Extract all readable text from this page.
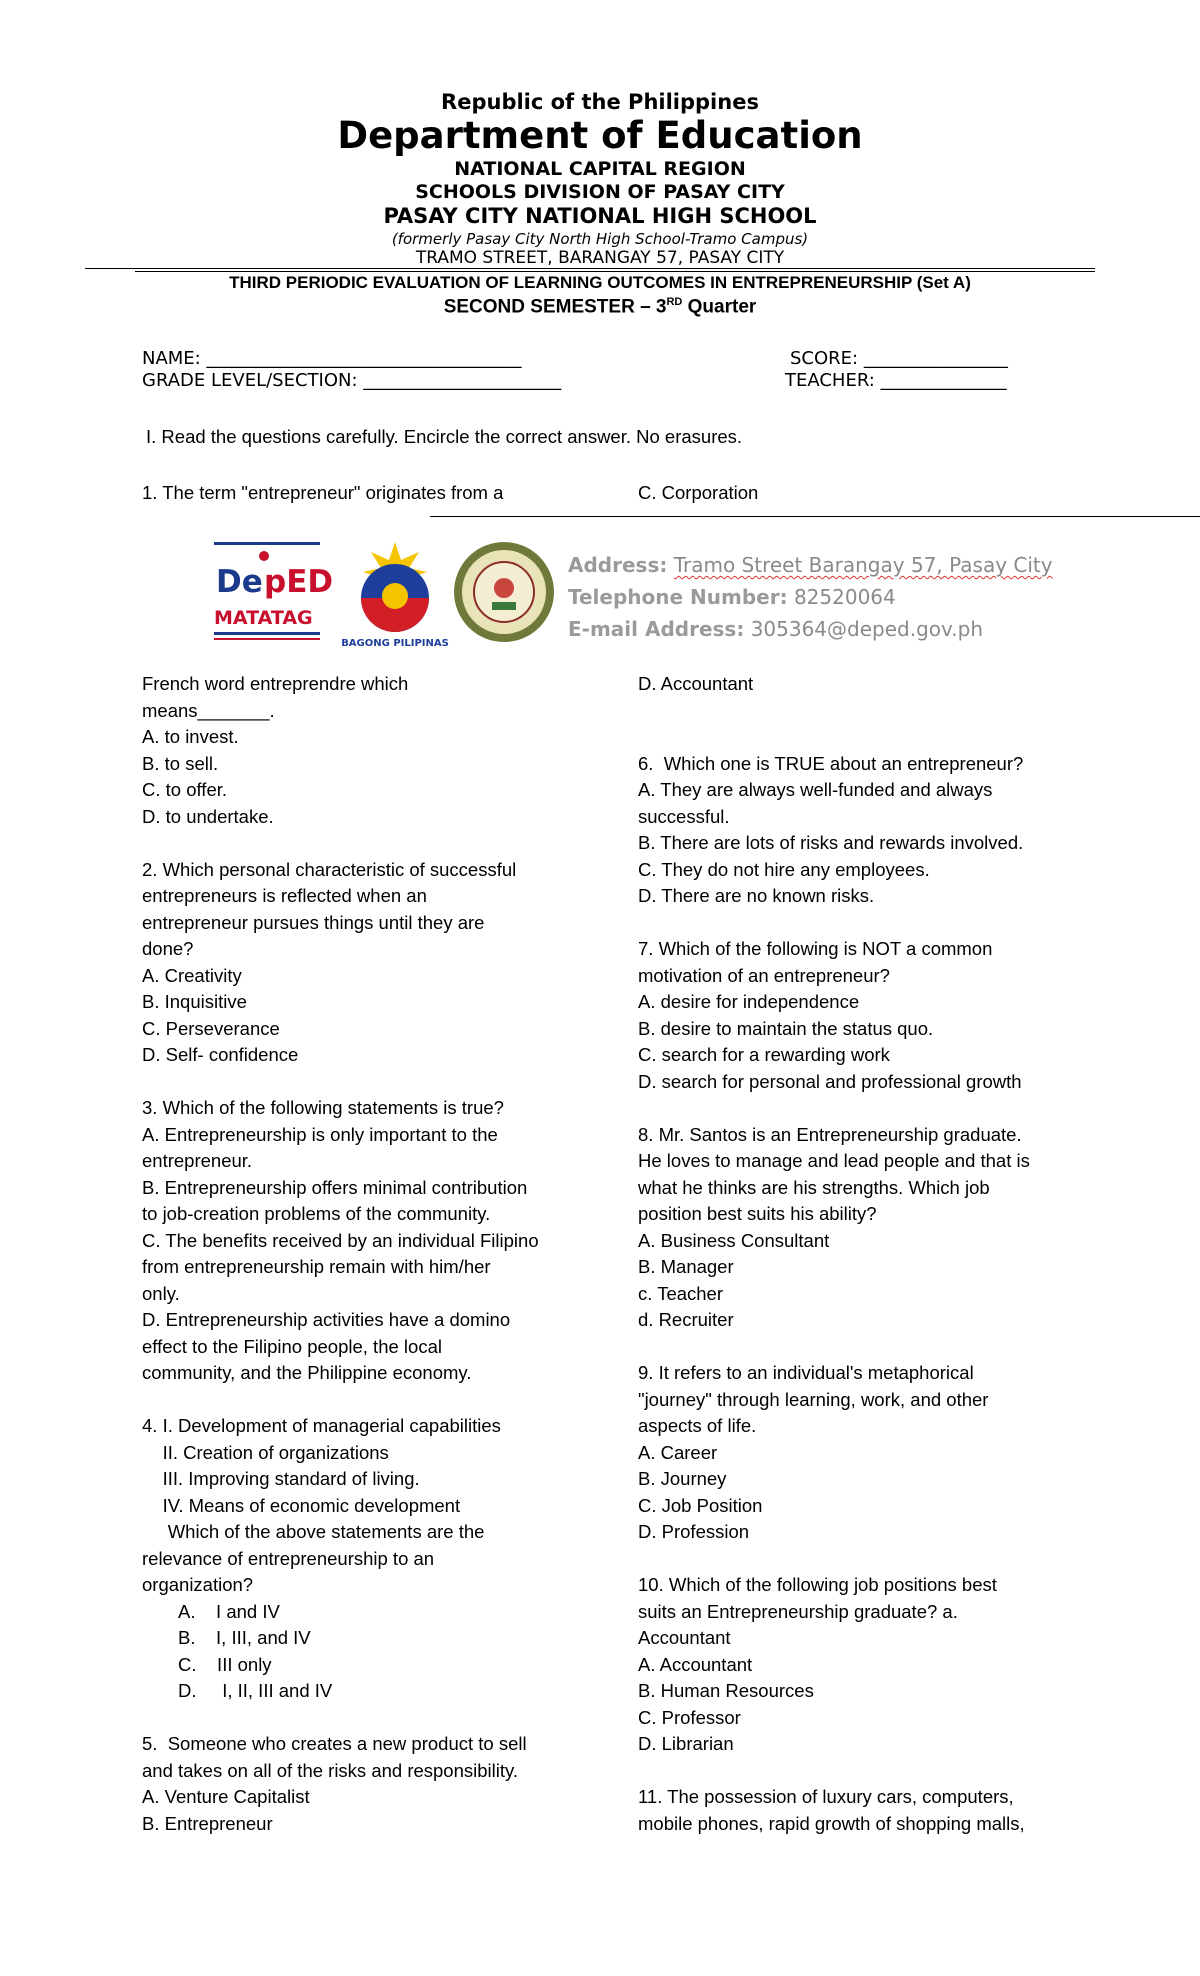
Republic of the Philippines
Department of Education
NATIONAL CAPITAL REGION
SCHOOLS DIVISION OF PASAY CITY
PASAY CITY NATIONAL HIGH SCHOOL
(formerly Pasay City North High School-Tramo Campus)
TRAMO STREET, BARANGAY 57, PASAY CITY
THIRD PERIODIC EVALUATION OF LEARNING OUTCOMES IN ENTREPRENEURSHIP (Set A)
SECOND SEMESTER – 3RD Quarter
NAME: ___________________________________	SCORE: ________________
GRADE LEVEL/SECTION: ______________________	TEACHER: ______________
I. Read the questions carefully. Encircle the correct answer. No erasures.
1. The term "entrepreneur" originates from a	C. Corporation
De pED
MATATAG
BAGONG PILIPINAS
Address: Tramo Street Barangay 57, Pasay City
Telephone Number: 82520064
E-mail Address: 305364@deped.gov.ph
French word entreprendre which
means_______.
A. to invest.
B. to sell.
C. to offer.
D. to undertake.
2. Which personal characteristic of successful
entrepreneurs is reflected when an
entrepreneur pursues things until they are
done?
A. Creativity
B. Inquisitive
C. Perseverance
D. Self- confidence
3. Which of the following statements is true?
A. Entrepreneurship is only important to the
entrepreneur.
B. Entrepreneurship offers minimal contribution
to job-creation problems of the community.
C. The benefits received by an individual Filipino
from entrepreneurship remain with him/her
only.
D. Entrepreneurship activities have a domino
effect to the Filipino people, the local
community, and the Philippine economy.
4. I. Development of managerial capabilities
II. Creation of organizations
III. Improving standard of living.
IV. Means of economic development
Which of the above statements are the
relevance of entrepreneurship to an
organization?
A.    I and IV
B.    I, III, and IV
C.    III only
D.     I, II, III and IV
5.  Someone who creates a new product to sell
and takes on all of the risks and responsibility.
A. Venture Capitalist
B. Entrepreneur
D. Accountant
6.  Which one is TRUE about an entrepreneur?
A. They are always well-funded and always
successful.
B. There are lots of risks and rewards involved.
C. They do not hire any employees.
D. There are no known risks.
7. Which of the following is NOT a common
motivation of an entrepreneur?
A. desire for independence
B. desire to maintain the status quo.
C. search for a rewarding work
D. search for personal and professional growth
8. Mr. Santos is an Entrepreneurship graduate.
He loves to manage and lead people and that is
what he thinks are his strengths. Which job
position best suits his ability?
A. Business Consultant
B. Manager
c. Teacher
d. Recruiter
9. It refers to an individual's metaphorical
"journey" through learning, work, and other
aspects of life.
A. Career
B. Journey
C. Job Position
D. Profession
10. Which of the following job positions best
suits an Entrepreneurship graduate? a.
Accountant
A. Accountant
B. Human Resources
C. Professor
D. Librarian
11. The possession of luxury cars, computers,
mobile phones, rapid growth of shopping malls,
